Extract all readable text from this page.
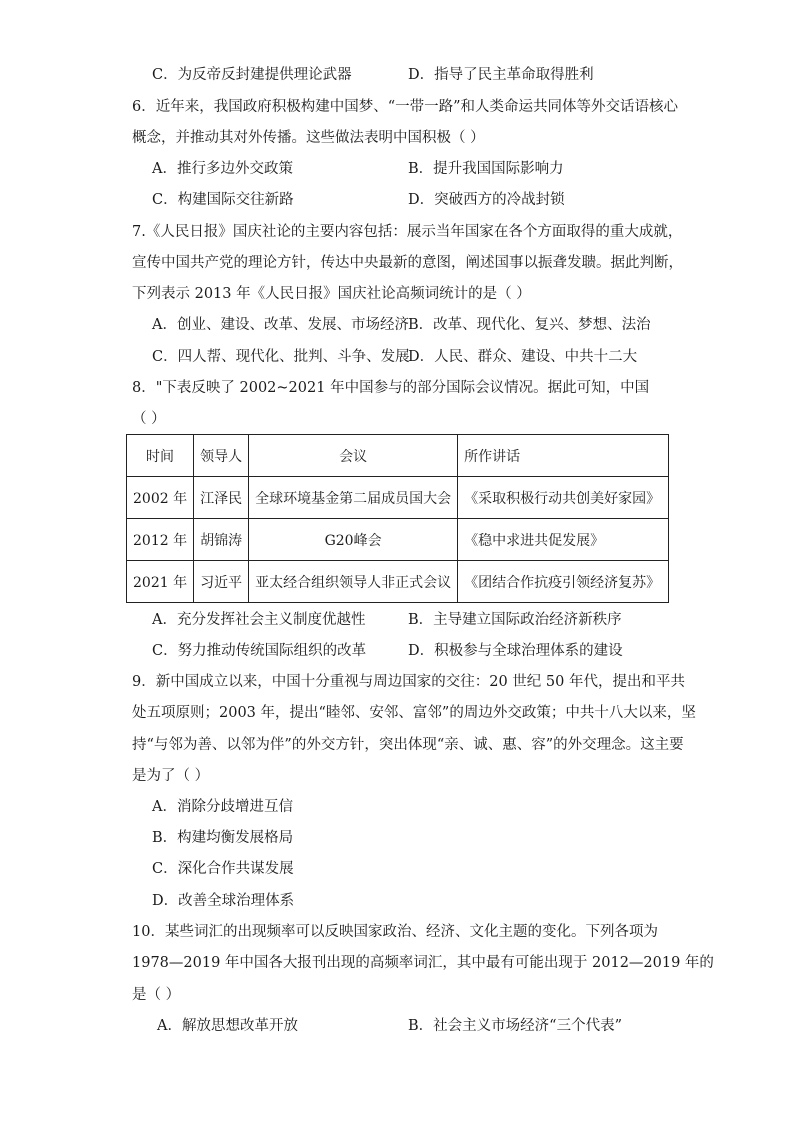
C．为反帝反封建提供理论武器	D．指导了民主革命取得胜利
6．近年来，我国政府积极构建中国梦、“一带一路”和人类命运共同体等外交话语核心
概念，并推动其对外传播。这些做法表明中国积极（ ）
A．推行多边外交政策	B．提升我国国际影响力
C．构建国际交往新路	D．突破西方的冷战封锁
7.《人民日报》国庆社论的主要内容包括：展示当年国家在各个方面取得的重大成就，
宣传中国共产党的理论方针，传达中央最新的意图，阐述国事以振聋发聩。据此判断，
下列表示 2013 年《人民日报》国庆社论高频词统计的是（ ）
A．创业、建设、改革、发展、市场经济 B．改革、现代化、复兴、梦想、法治
C．四人帮、现代化、批判、斗争、发展
D．人民、群众、建设、中共十二大
8．"下表反映了 2002~2021 年中国参与的部分国际会议情况。据此可知，中国
（ ）
时间	领导人	会议	所作讲话
2002 年	江泽民	全球环境基金第二届成员国大会	《采取积极行动共创美好家园》
2012 年	胡锦涛	G20峰会	《稳中求进共促发展》
2021 年	习近平	亚太经合组织领导人非正式会议	《团结合作抗疫引领经济复苏》
A．充分发挥社会主义制度优越性	B．主导建立国际政治经济新秩序
C．努力推动传统国际组织的改革	D．积极参与全球治理体系的建设
9．新中国成立以来，中国十分重视与周边国家的交往：20 世纪 50 年代，提出和平共
处五项原则；2003 年，提出“睦邻、安邻、富邻”的周边外交政策；中共十八大以来，坚
持“与邻为善、以邻为伴”的外交方针，突出体现“亲、诚、惠、容”的外交理念。这主要
是为了（ ）
A．消除分歧增进互信
B．构建均衡发展格局
C．深化合作共谋发展
D．改善全球治理体系
10．某些词汇的出现频率可以反映国家政治、经济、文化主题的变化。下列各项为
1978—2019 年中国各大报刊出现的高频率词汇，其中最有可能出现于 2012—2019 年的
是（ ）
A．解放思想改革开放	B．社会主义市场经济“三个代表”
